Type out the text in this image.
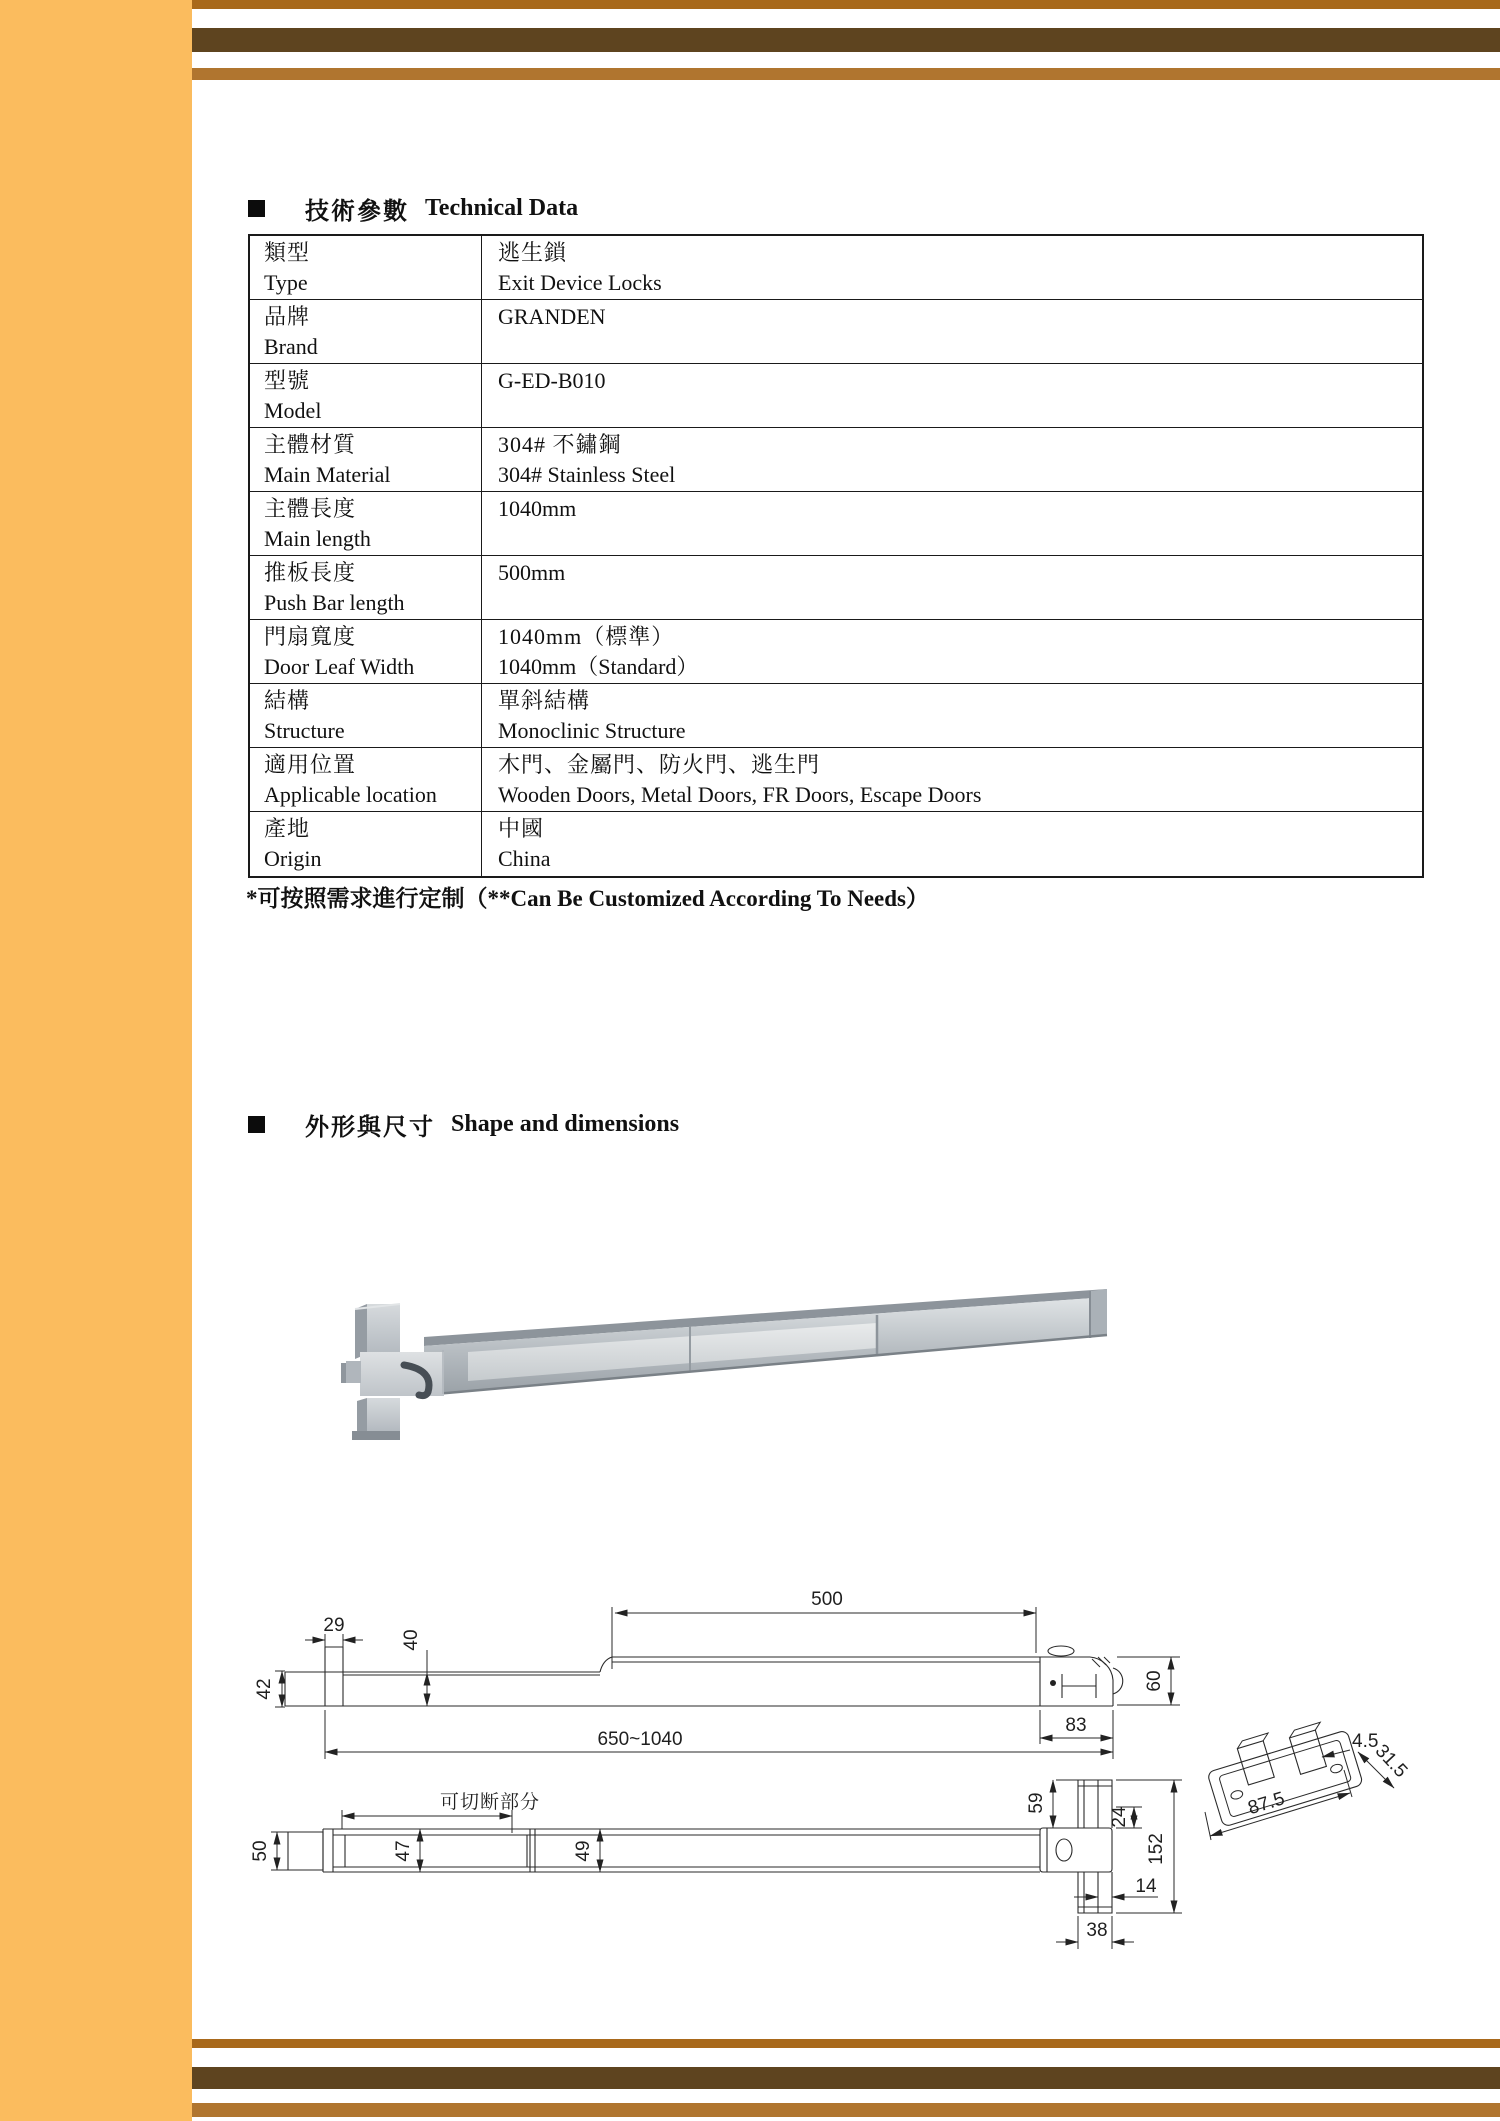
42
29
40
500
60
83
650~1040
可切断部分
50	47	49
59
24
152
14
38
4.5
31.5
87.5
技術參數 Technical Data
類型
Type
逃生鎖
Exit Device Locks
品牌
Brand
GRANDEN
型號
Model
G-ED-B010
主體材質
Main Material
304# 不鏽鋼
304# Stainless Steel
主體長度
Main length
1040mm
推板長度
Push Bar length
500mm
門扇寬度
Door Leaf Width
1040mm（標準）
1040mm（Standard）
結構
Structure
單斜結構
Monoclinic Structure
適用位置
Applicable location
木門、金屬門、防火門、逃生門
Wooden Doors, Metal Doors, FR Doors, Escape Doors
產地
Origin
中國
China
*可按照需求進行定制（**Can Be Customized According To Needs）
外形與尺寸 Shape and dimensions
